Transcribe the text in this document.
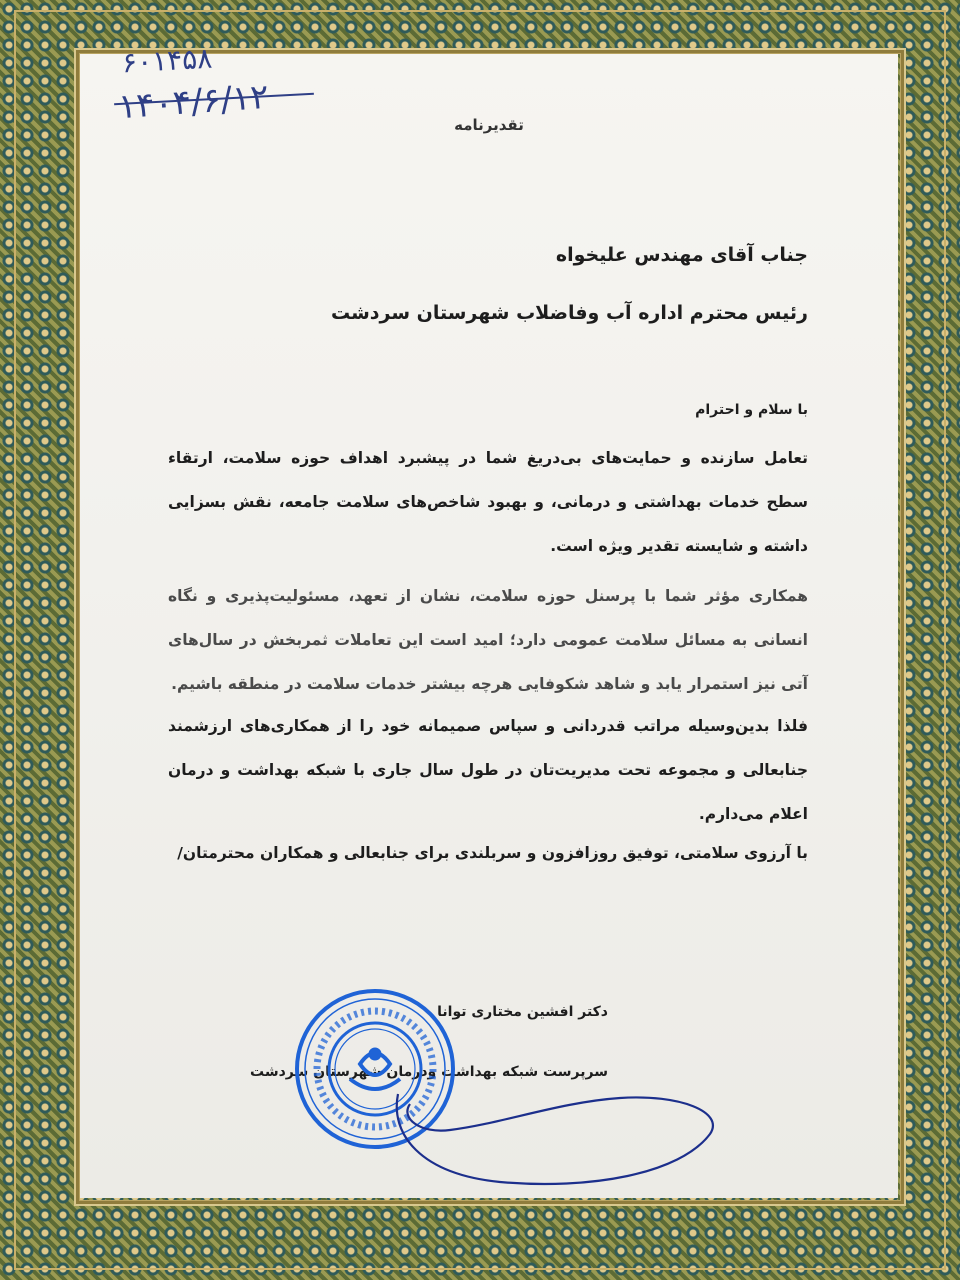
۶۰۱۴۵۸
۱۴۰۴/۶/۱۲	تقدیرنامه
جناب آقای مهندس علیخواه
رئیس محترم اداره آب وفاضلاب شهرستان سردشت
با سلام و احترام
تعامل سازنده و حمایت‌های بی‌دریغ شما در پیشبرد اهداف حوزه سلامت، ارتقاء سطح خدمات بهداشتی و درمانی، و بهبود شاخص‌های سلامت جامعه، نقش بسزایی داشته و شایسته تقدیر ویژه است.
همکاری مؤثر شما با پرسنل حوزه سلامت، نشان از تعهد، مسئولیت‌پذیری و نگاه انسانی به مسائل سلامت عمومی دارد؛ امید است این تعاملات ثمربخش در سال‌های آتی نیز استمرار یابد و شاهد شکوفایی هرچه بیشتر خدمات سلامت در منطقه باشیم.
فلذا بدین‌وسیله مراتب قدردانی و سپاس صمیمانه خود را از همکاری‌های ارزشمند جنابعالی و مجموعه تحت مدیریت‌تان در طول سال جاری با شبکه بهداشت و درمان اعلام می‌دارم.
با آرزوی سلامتی، توفیق روزافزون و سربلندی برای جنابعالی و همکاران محترمتان/
دکتر افشین مختاری توانا
سرپرست شبکه بهداشت ودرمان شهرستان سردشت
